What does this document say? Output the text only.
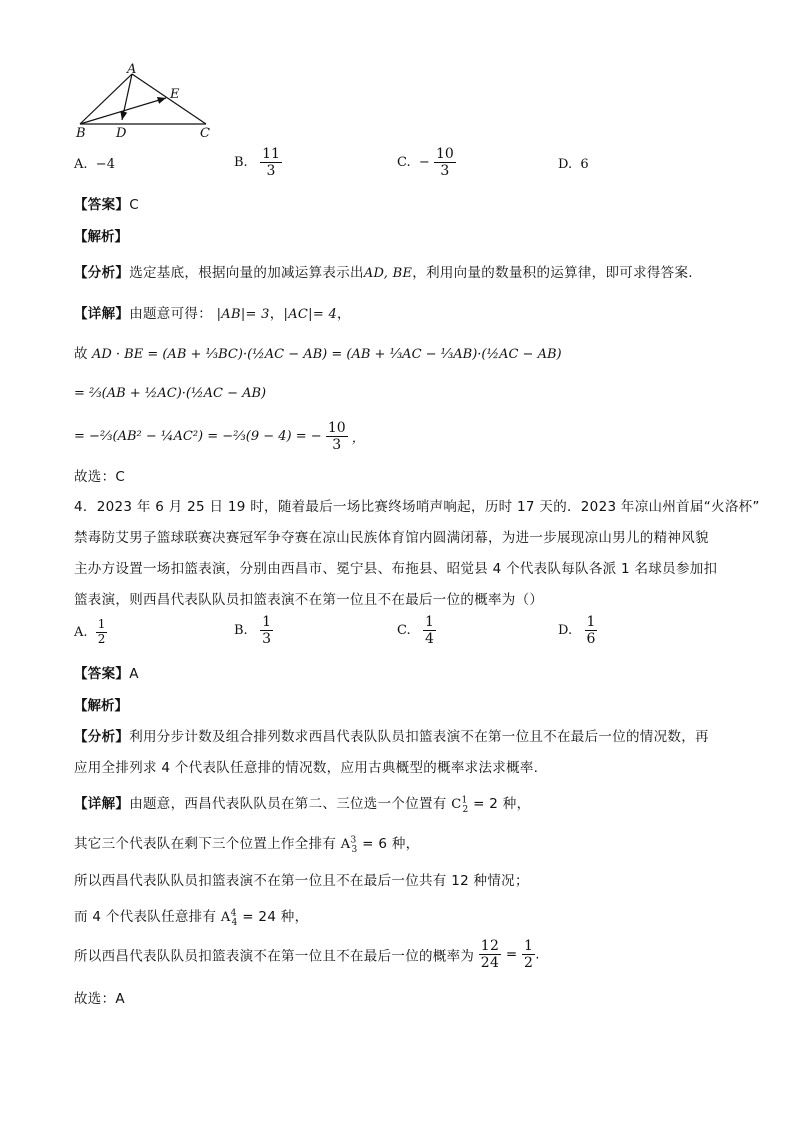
A
E
B D	C
A. −4	B. $\frac{11}{3}$	C. − $\frac{10}{3}$	D. 6
【答案】C
【解析】
【分析】选定基底，根据向量的加减运算表示出AD, BE，利用向量的数量积的运算律，即可求得答案.
【详解】由题意可得： |AB|= 3，|AC|= 4，
故 AD · BE = (AB + ⅓BC)·(½AC − AB) = (AB + ⅓AC − ⅓AB)·(½AC − AB)
= ⅔(AB + ½AC)·(½AC − AB)
= −⅔(AB² − ¼AC²) = −⅔(9 − 4) = − $\frac{10}{3}$ ，
故选：C
4．2023 年 6 月 25 日 19 时，随着最后一场比赛终场哨声响起，历时 17 天的．2023 年凉山州首届“火洛杯”
禁毒防艾男子篮球联赛决赛冠军争夺赛在凉山民族体育馆内圆满闭幕，为进一步展现凉山男儿的精神风貌
主办方设置一场扣篮表演，分别由西昌市、冕宁县、布拖县、昭觉县 4 个代表队每队各派 1 名球员参加扣
篮表演，则西昌代表队队员扣篮表演不在第一位且不在最后一位的概率为（）
A. $\frac{1}{2}$	B. $\frac{1}{3}$	C. $\frac{1}{4}$	D. $\frac{1}{6}$
【答案】A
【解析】
【分析】利用分步计数及组合排列数求西昌代表队队员扣篮表演不在第一位且不在最后一位的情况数，再
应用全排列求 4 个代表队任意排的情况数，应用古典概型的概率求法求概率.
【详解】由题意，西昌代表队队员在第二、三位选一个位置有 $C^1_2 = 2$ 种，
其它三个代表队在剩下三个位置上作全排有 $A^3_3 = 6$ 种，
所以西昌代表队队员扣篮表演不在第一位且不在最后一位共有 12 种情况；
而 4 个代表队任意排有 $A^4_4 = 24$ 种，
所以西昌代表队队员扣篮表演不在第一位且不在最后一位的概率为 $\frac{12}{24} = \frac{1}{2}$ .
故选：A
